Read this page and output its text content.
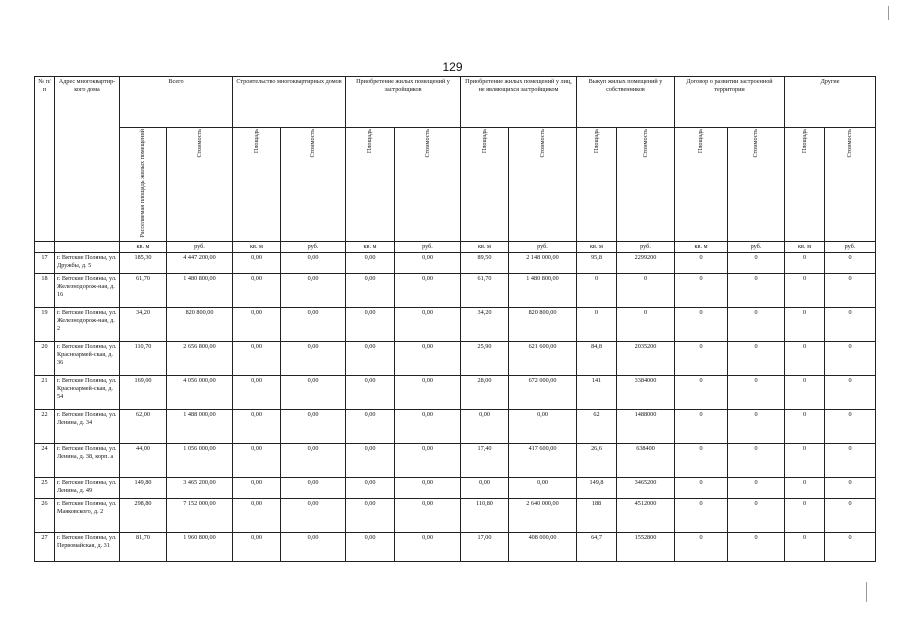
129
№ п/п	Адрес многоквартир-кого дома	Всего		Строительство многоквартирных домов		Приобретение жилых помещений у застройщиков		Приобретение жилых помещений у лиц, не являющихся застройщиком		Выкуп жилых помещений у собственников		Договор о развитии застроенной территории		Другие	
		Расселяемая площадь жилых помещений	Стоимость	Площадь	Стоимость	Площадь	Стоимость	Площадь	Стоимость	Площадь	Стоимость	Площадь	Стоимость	Площадь	Стоимость
		кв. м	руб.	кв. м	руб.	кв. м	руб.	кв. м	руб.	кв. м	руб.	кв. м	руб.	кв. м	руб.
17	г. Вятские Поляны, ул. Дружбы, д. 5	185,30	4 447 200,00	0,00	0,00	0,00	0,00	89,50	2 148 000,00	95,8	2299200	0	0	0	0
18	г. Вятские Поляны, ул. Железнодорож-ная, д. 16	61,70	1 480 800,00	0,00	0,00	0,00	0,00	61,70	1 480 800,00	0	0	0	0	0	0
19	г. Вятские Поляны, ул. Железнодорож-ная, д. 2	34,20	820 800,00	0,00	0,00	0,00	0,00	34,20	820 800,00	0	0	0	0	0	0
20	г. Вятские Поляны, ул. Красноармей-ская, д. 36	110,70	2 656 800,00	0,00	0,00	0,00	0,00	25,90	621 600,00	84,8	2035200	0	0	0	0
21	г. Вятские Поляны, ул. Красноармей-ская, д. 54	169,00	4 056 000,00	0,00	0,00	0,00	0,00	28,00	672 000,00	141	3384000	0	0	0	0
22	г. Вятские Поляны, ул. Ленина, д. 34	62,00	1 488 000,00	0,00	0,00	0,00	0,00	0,00	0,00	62	1488000	0	0	0	0
24	г. Вятские Поляны, ул. Ленина, д. 38, корп. а	44,00	1 056 000,00	0,00	0,00	0,00	0,00	17,40	417 600,00	26,6	638400	0	0	0	0
25	г. Вятские Поляны, ул. Ленина, д. 49	149,80	3 465 200,00	0,00	0,00	0,00	0,00	0,00	0,00	149,8	3465200	0	0	0	0
26	г. Вятские Поляны, ул. Маяковского, д. 2	298,80	7 152 000,00	0,00	0,00	0,00	0,00	110,80	2 640 000,00	188	4512000	0	0	0	0
27	г. Вятские Поляны, ул. Первомайская, д. 31	81,70	1 960 800,00	0,00	0,00	0,00	0,00	17,00	408 000,00	64,7	1552800	0	0	0	0
